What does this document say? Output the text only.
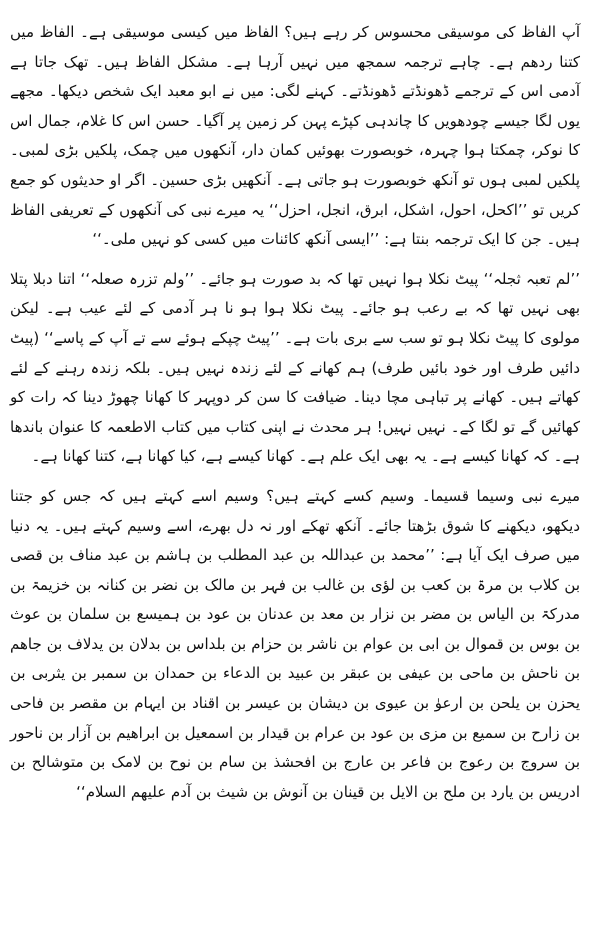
آپ الفاظ کی موسیقی محسوس کر رہے ہیں؟ الفاظ میں کیسی موسیقی ہے۔ الفاظ میں کتنا ردھم ہے۔ چاہے ترجمہ سمجھ میں نہیں آرہا ہے۔ مشکل الفاظ ہیں۔ تھک جاتا ہے آدمی اس کے ترجمے ڈھونڈتے ڈھونڈتے۔ کہنے لگی: میں نے ابو معبد ایک شخص دیکھا۔ مجھے یوں لگا جیسے چودھویں کا چاندہی کپڑے پہن کر زمین پر آگیا۔ حسن اس کا غلام، جمال اس کا نوکر، چمکتا ہوا چہرہ، خوبصورت بھوئیں کمان دار، آنکھوں میں چمک، پلکیں بڑی لمبی۔ پلکیں لمبی ہوں تو آنکھ خوبصورت ہو جاتی ہے۔ آنکھیں بڑی حسین۔ اگر او حدیثوں کو جمع کریں تو ’’اکحل، احول، اشکل، ابرق، انجل، احزل‘‘ یہ میرے نبی کی آنکھوں کے تعریفی الفاظ ہیں۔ جن کا ایک ترجمہ بنتا ہے: ’’ایسی آنکھ کائنات میں کسی کو نہیں ملی۔‘‘

’’لم تعبہ ثجلہ‘‘ پیٹ نکلا ہوا نہیں تھا کہ بد صورت ہو جائے۔ ’’ولم تزرہ صعلہ‘‘ اتنا دبلا پتلا بھی نہیں تھا کہ بے رعب ہو جائے۔ پیٹ نکلا ہوا ہو نا ہر آدمی کے لئے عیب ہے۔ لیکن مولوی کا پیٹ نکلا ہو تو سب سے بری بات ہے۔ ’’پیٹ چپکے ہوئے سے تے آپ کے پاسے‘‘ (پیٹ دائیں طرف اور خود بائیں طرف) ہم کھانے کے لئے زندہ نہیں ہیں۔ بلکہ زندہ رہنے کے لئے کھاتے ہیں۔ کھانے پر تباہی مچا دینا۔ ضیافت کا سن کر دوپہر کا کھانا چھوڑ دینا کہ رات کو کھائیں گے تو لگا کے۔ نہیں نہیں! ہر محدث نے اپنی کتاب میں کتاب الاطعمہ کا عنوان باندھا ہے۔ کہ کھانا کیسے ہے۔ یہ بھی ایک علم ہے۔ کھانا کیسے ہے، کیا کھانا ہے، کتنا کھانا ہے۔

میرے نبی وسیما قسیما۔ وسیم کسے کہتے ہیں؟ وسیم اسے کہتے ہیں کہ جس کو جتنا دیکھو، دیکھنے کا شوق بڑھتا جائے۔ آنکھ تھکے اور نہ دل بھرے، اسے وسیم کہتے ہیں۔ یہ دنیا میں صرف ایک آیا ہے: ’’محمد بن عبداللہ بن عبد المطلب بن ہاشم بن عبد مناف بن قصی بن کلاب بن مرۃ بن کعب بن لؤی بن غالب بن فہر بن مالک بن نضر بن کنانہ بن خزیمۃ بن مدرکۃ بن الیاس بن مضر بن نزار بن معد بن عدنان بن عود بن ہمیسع بن سلمان بن عوث بن بوس بن قموال بن ابی بن عوام بن ناشر بن حزام بن بلداس بن بدلان بن یدلاف بن جاھم بن ناحش بن ماحی بن عیفی بن عبقر بن عبید بن الدعاء بن حمدان بن سمبر بن یثربی بن یحزن بن یلحن بن ارعوٰ بن عیوی بن دیشان بن عیسر بن اقناد بن ایہام بن مقصر بن فاحی بن زارح بن سمیع بن مزی بن عود بن عرام بن قیدار بن اسمعیل بن ابراھیم بن آزار بن ناحور بن سروج بن رعوج بن فاعر بن عارج بن افحشذ بن سام بن نوح بن لامک بن متوشالح بن ادریس بن یارد بن ملح بن الایل بن قینان بن آنوش بن شیث بن آدم علیھم السلام‘‘
